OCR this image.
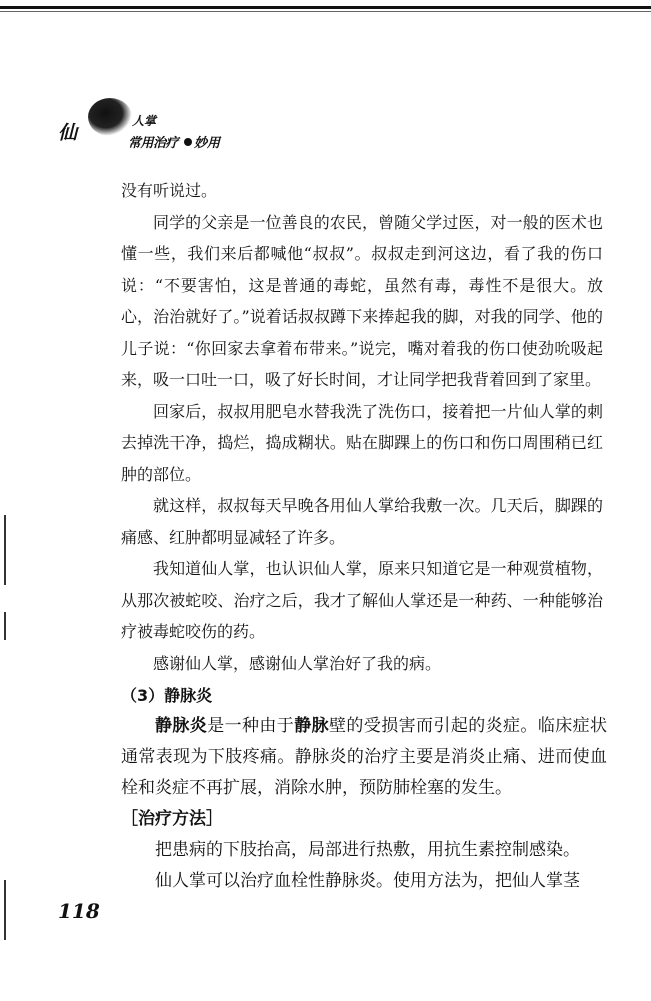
仙
人掌
常用治疗 妙用

没有听说过。

同学的父亲是一位善良的农民，曾随父学过医，对一般的医术也懂一些，我们来后都喊他“叔叔”。叔叔走到河这边，看了我的伤口说：“不要害怕，这是普通的毒蛇，虽然有毒，毒性不是很大。放心，治治就好了。”说着话叔叔蹲下来捧起我的脚，对我的同学、他的儿子说：“你回家去拿着布带来。”说完，嘴对着我的伤口使劲吮吸起来，吸一口吐一口，吸了好长时间，才让同学把我背着回到了家里。

回家后，叔叔用肥皂水替我洗了洗伤口，接着把一片仙人掌的刺去掉洗干净，捣烂，捣成糊状。贴在脚踝上的伤口和伤口周围稍已红肿的部位。

就这样，叔叔每天早晚各用仙人掌给我敷一次。几天后，脚踝的痛感、红肿都明显减轻了许多。

我知道仙人掌，也认识仙人掌，原来只知道它是一种观赏植物，从那次被蛇咬、治疗之后，我才了解仙人掌还是一种药、一种能够治疗被毒蛇咬伤的药。

感谢仙人掌，感谢仙人掌治好了我的病。

（3）静脉炎

静脉炎是一种由于静脉壁的受损害而引起的炎症。临床症状通常表现为下肢疼痛。静脉炎的治疗主要是消炎止痛、进而使血栓和炎症不再扩展，消除水肿，预防肺栓塞的发生。

［治疗方法］

把患病的下肢抬高，局部进行热敷，用抗生素控制感染。

仙人掌可以治疗血栓性静脉炎。使用方法为，把仙人掌茎

118
